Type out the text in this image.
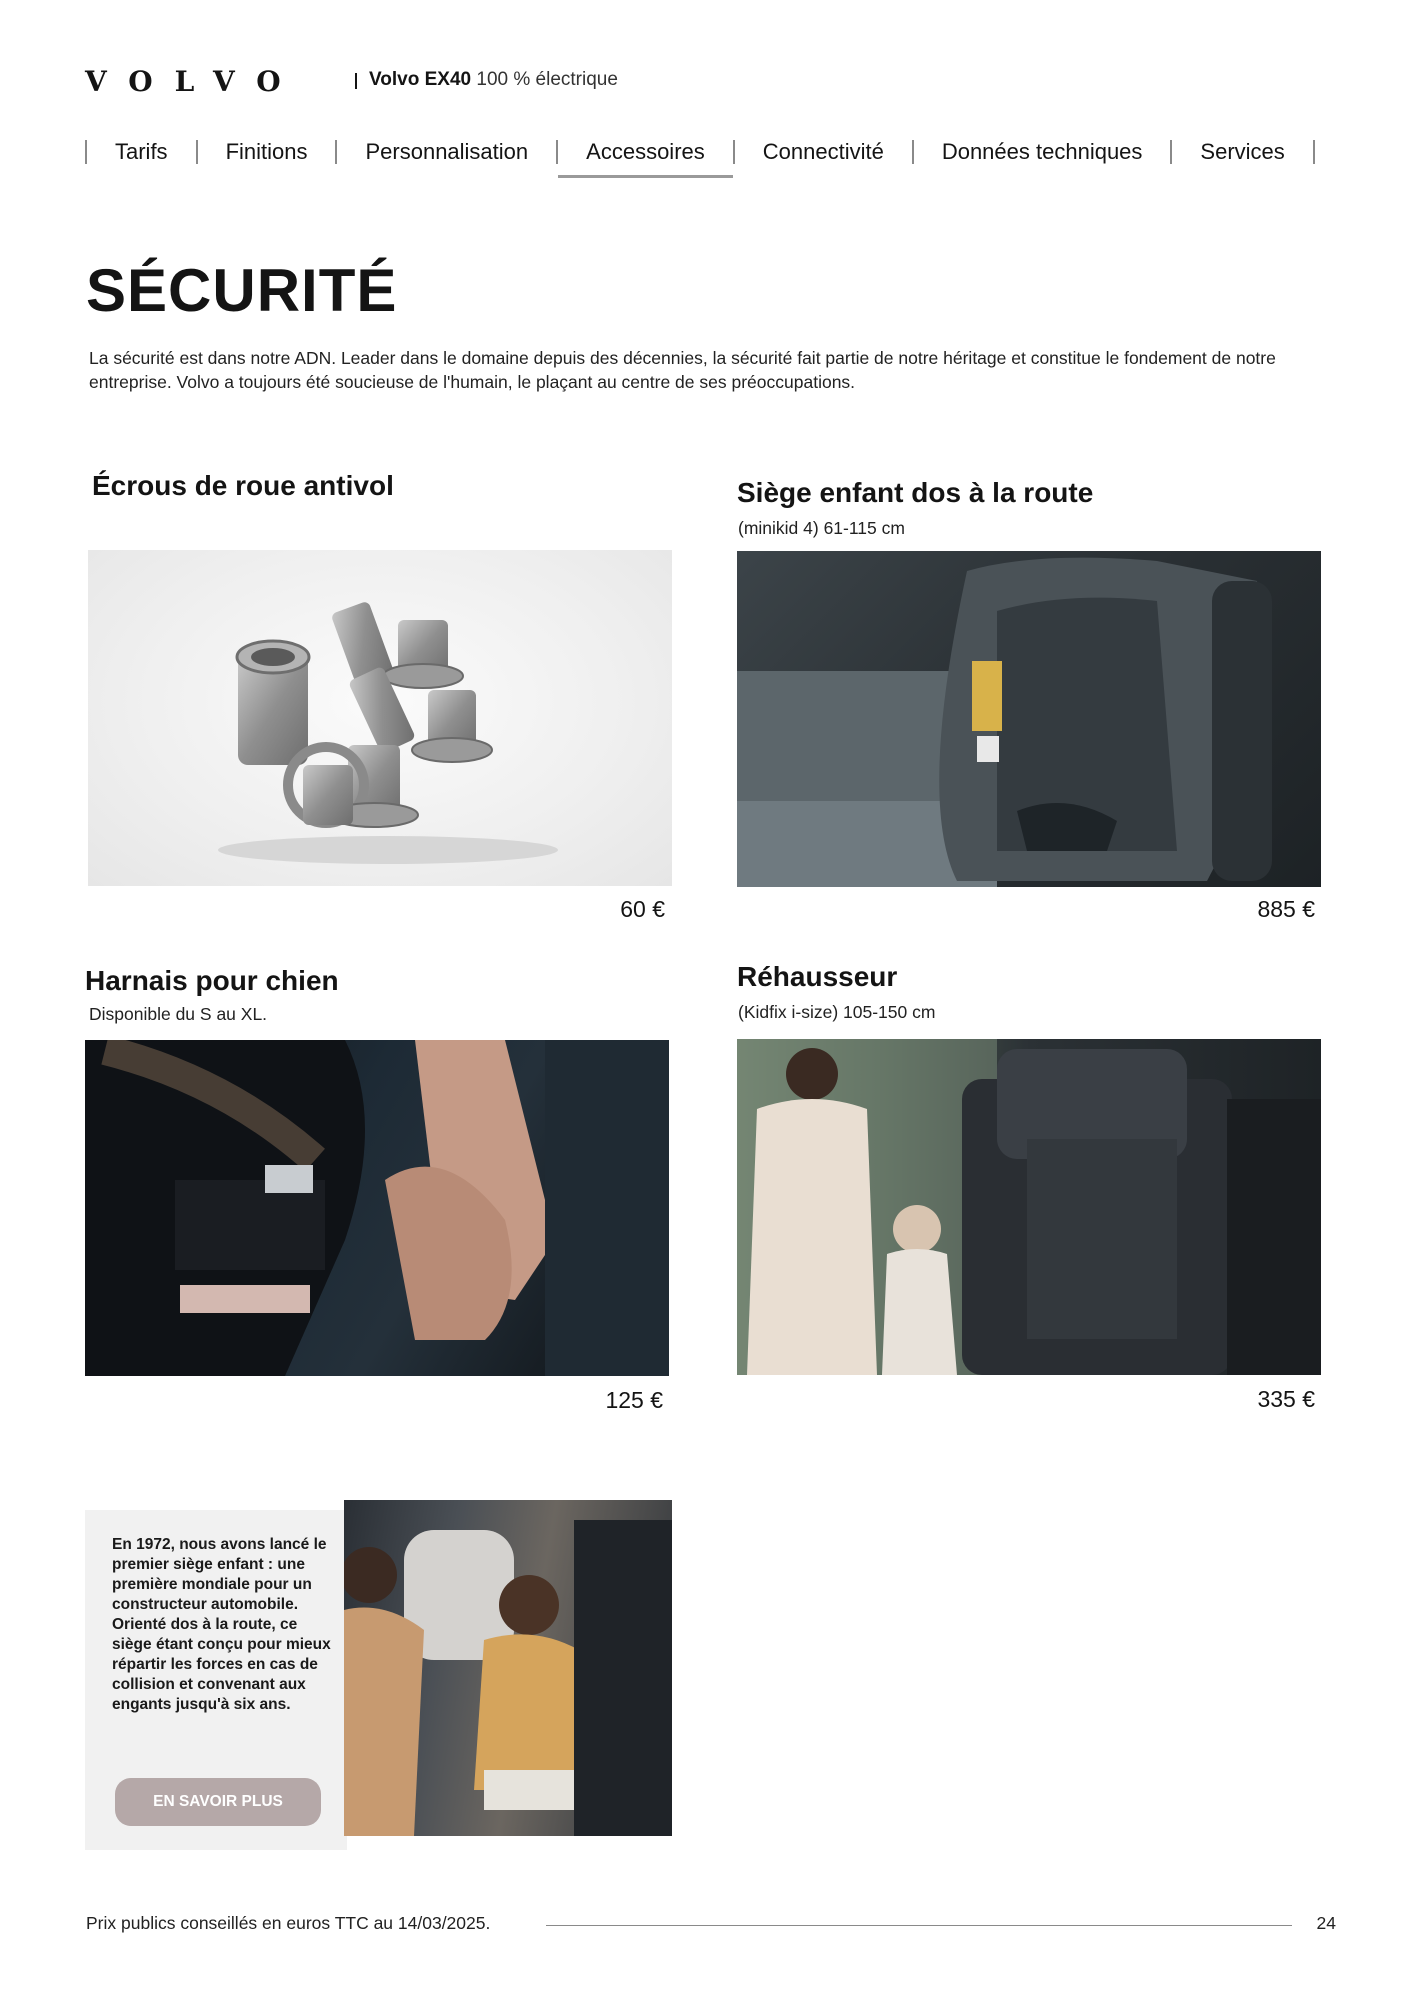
VOLVO	Volvo EX40 100 % électrique
Tarifs	Finitions	Personnalisation	Accessoires	Connectivité	Données techniques	Services
SÉCURITÉ

La sécurité est dans notre ADN. Leader dans le domaine depuis des décennies, la sécurité fait partie de notre héritage et constitue le fondement de notre entreprise. Volvo a toujours été soucieuse de l'humain, le plaçant au centre de ses préoccupations.

Écrous de roue antivol
60 €
Siège enfant dos à la route
(minikid 4) 61-115 cm
885 €
Harnais pour chien
Disponible du S au XL.
125 €
Réhausseur
(Kidfix i-size) 105-150 cm
335 €

En 1972, nous avons lancé le premier siège enfant : une première mondiale pour un constructeur automobile. Orienté dos à la route, ce siège étant conçu pour mieux répartir les forces en cas de collision et convenant aux engants jusqu'à six ans.

EN SAVOIR PLUS
Prix publics conseillés en euros TTC au 14/03/2025.	24
